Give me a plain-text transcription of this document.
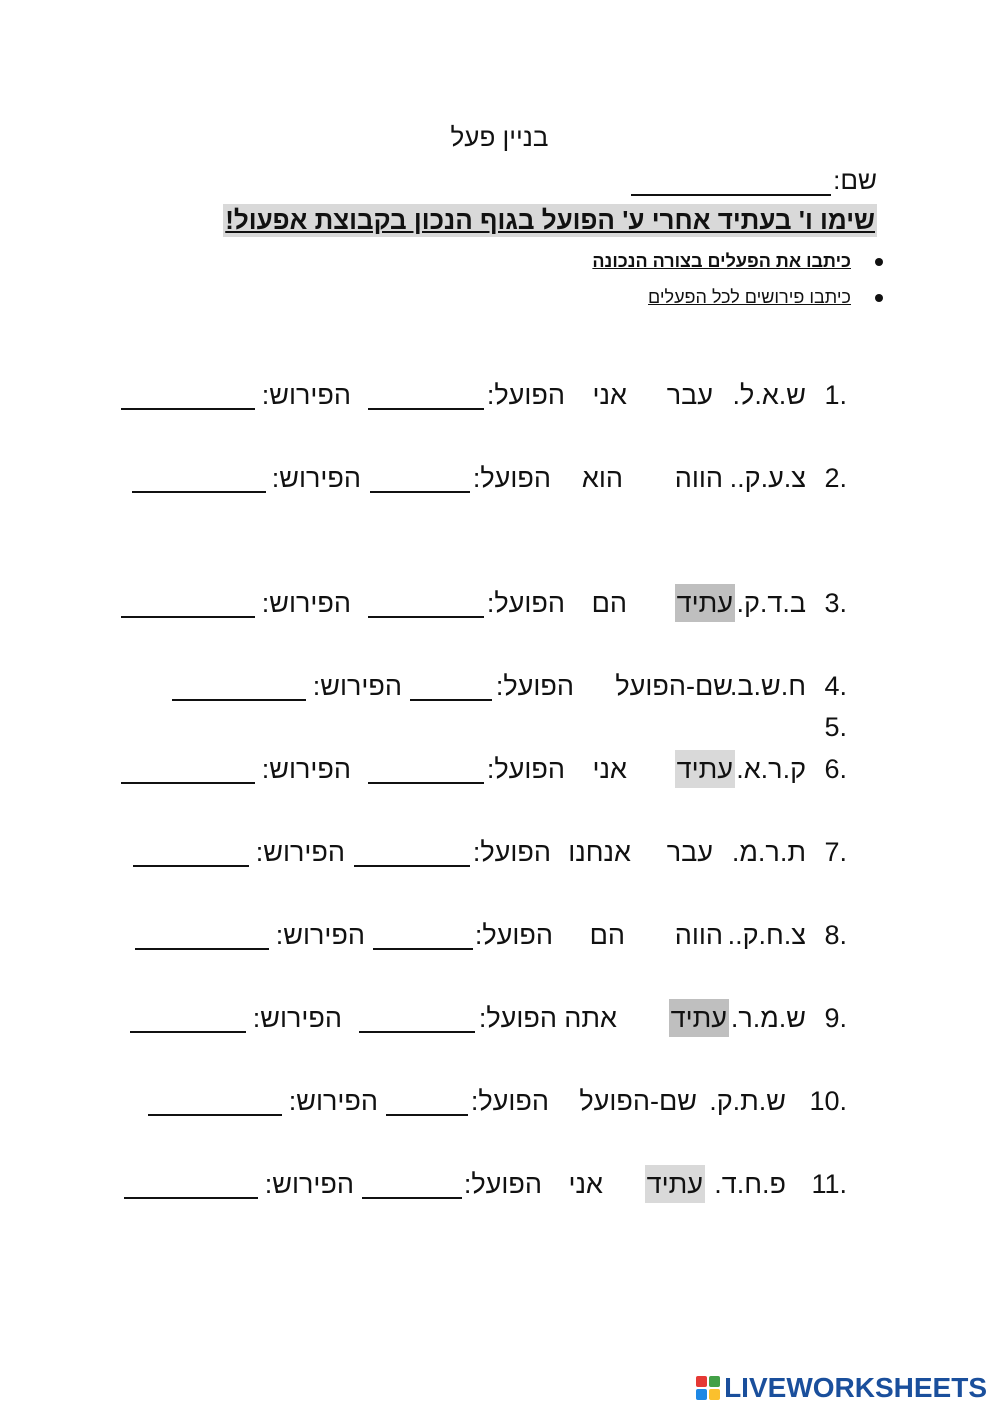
בניין פעל
שם:
שימו ו' בעתיד אחרי ע' הפועל בגוף הנכון בקבוצת אפעול!
כיתבו את הפעלים בצורה הנכונה
כיתבו פירושים לכל הפעלים
1.
ש.א.ל.
עבר
אני
הפועל:
הפירוש:
2.
צ.ע.ק..
הווה
הוא
הפועל:
הפירוש:
3.
ב.ד.ק.
עתיד
הם
הפועל:
הפירוש:
4.
ח.ש.ב.
שם-הפועל
הפועל:
הפירוש:
5.
6.
ק.ר.א.
עתיד
אני
הפועל:
הפירוש:
7.
ת.ר.מ.
עבר
אנחנו
הפועל:
הפירוש:
8.
צ.ח.ק..
הווה
הם
הפועל:
הפירוש:
9.
ש.מ.ר.
עתיד
אתה
הפועל:
הפירוש:
10.
ש.ת.ק.
שם-הפועל
הפועל:
הפירוש:
11.
פ.ח.ד.
עתיד
אני
הפועל:
הפירוש:
LIVEWORKSHEETS
